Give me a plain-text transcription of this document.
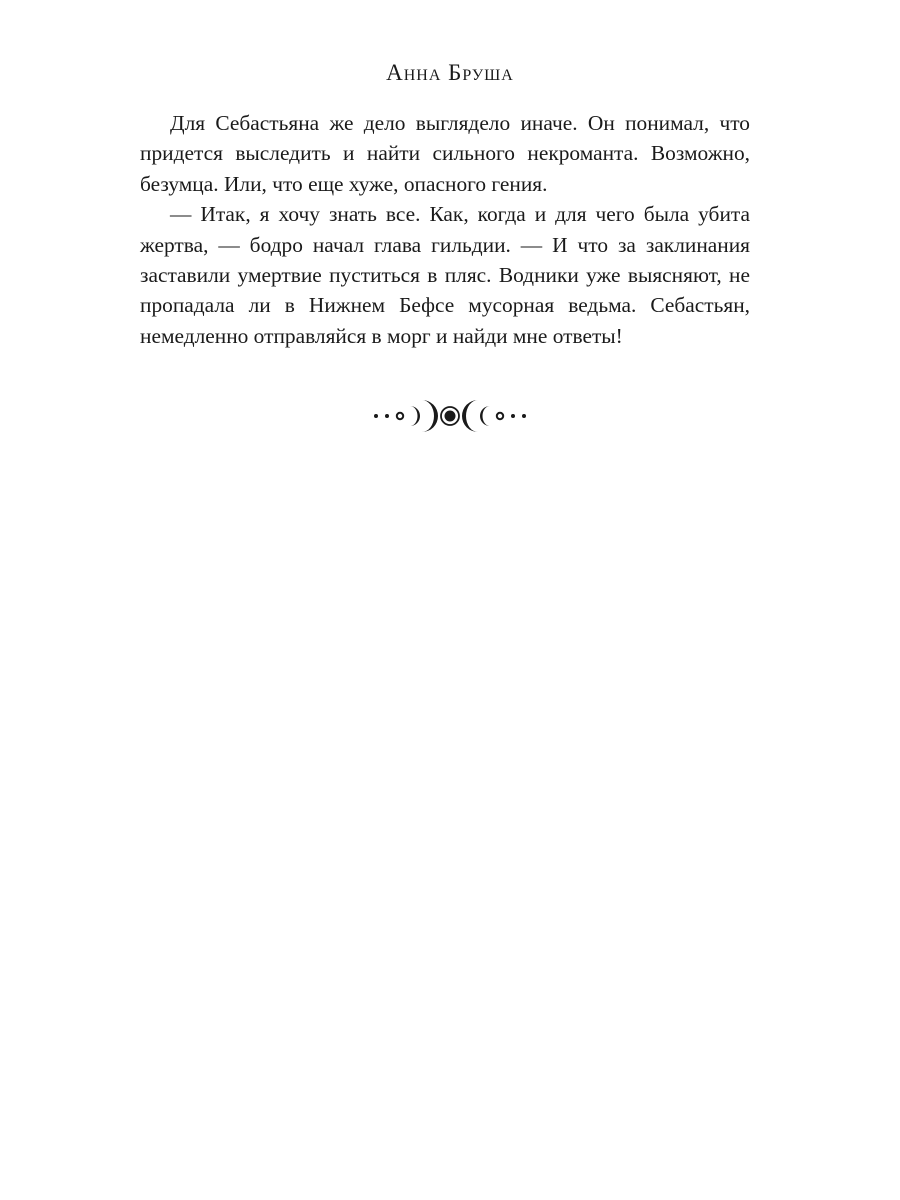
Анна Бруша

Для Себастьяна же дело выглядело иначе. Он понимал, что придется выследить и найти сильного некроманта. Возможно, безумца. Или, что еще хуже, опасного гения.

— Итак, я хочу знать все. Как, когда и для чего была убита жертва, — бодро начал глава гильдии. — И что за заклинания заставили умертвие пуститься в пляс. Водники уже выясняют, не пропадала ли в Нижнем Бефсе мусорная ведьма. Себастьян, немедленно отправляйся в морг и найди мне ответы!
